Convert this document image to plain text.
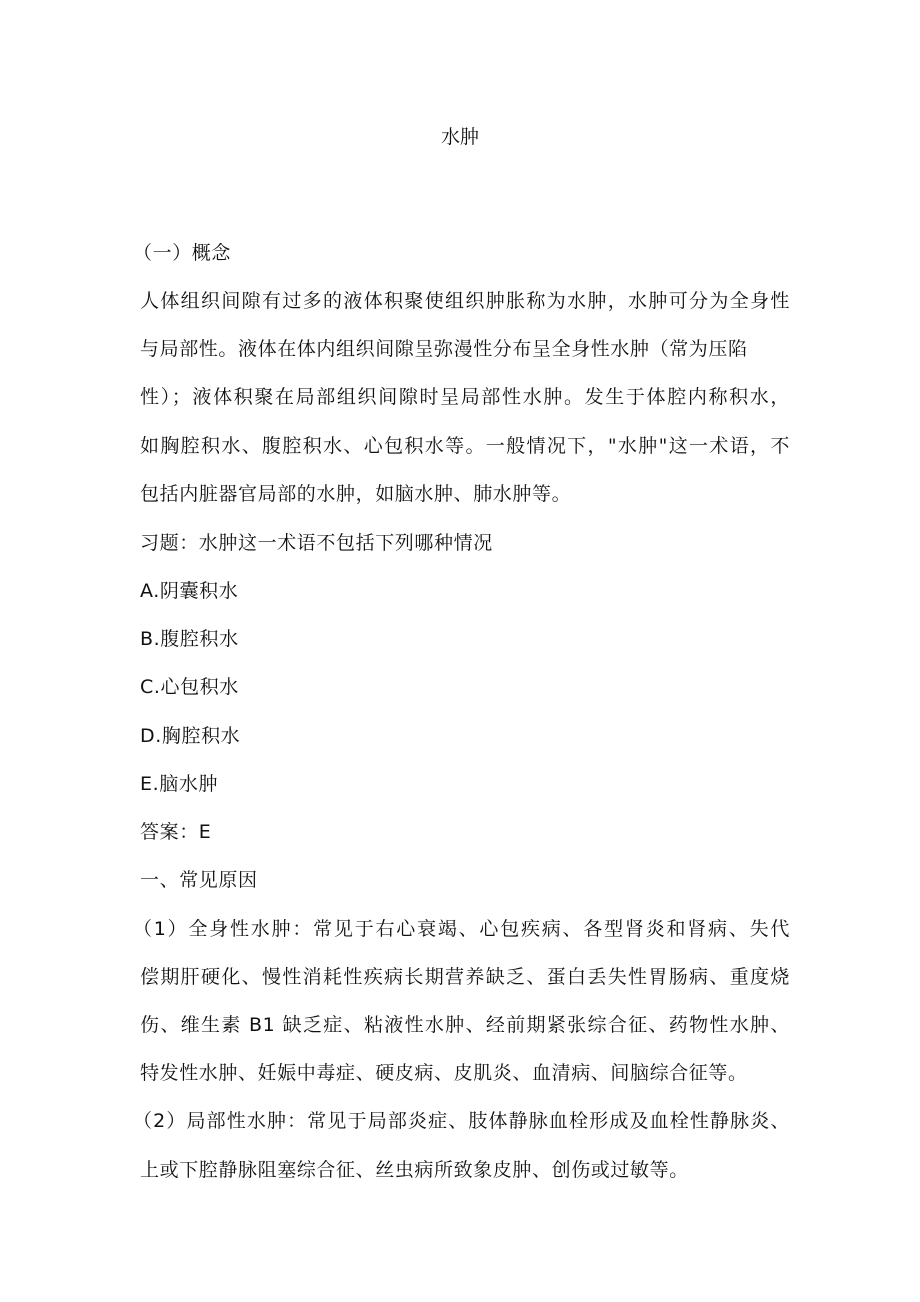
水肿
（一）概念
人体组织间隙有过多的液体积聚使组织肿胀称为水肿，水肿可分为全身性
与局部性。液体在体内组织间隙呈弥漫性分布呈全身性水肿（常为压陷
性）；液体积聚在局部组织间隙时呈局部性水肿。发生于体腔内称积水，
如胸腔积水、腹腔积水、心包积水等。一般情况下，"水肿"这一术语，不
包括内脏器官局部的水肿，如脑水肿、肺水肿等。
习题：水肿这一术语不包括下列哪种情况
A.阴囊积水
B.腹腔积水
C.心包积水
D.胸腔积水
E.脑水肿
答案：E
一、常见原因
（1）全身性水肿：常见于右心衰竭、心包疾病、各型肾炎和肾病、失代
偿期肝硬化、慢性消耗性疾病长期营养缺乏、蛋白丢失性胃肠病、重度烧
伤、维生素 B1 缺乏症、粘液性水肿、经前期紧张综合征、药物性水肿、
特发性水肿、妊娠中毒症、硬皮病、皮肌炎、血清病、间脑综合征等。
（2）局部性水肿：常见于局部炎症、肢体静脉血栓形成及血栓性静脉炎、
上或下腔静脉阻塞综合征、丝虫病所致象皮肿、创伤或过敏等。
